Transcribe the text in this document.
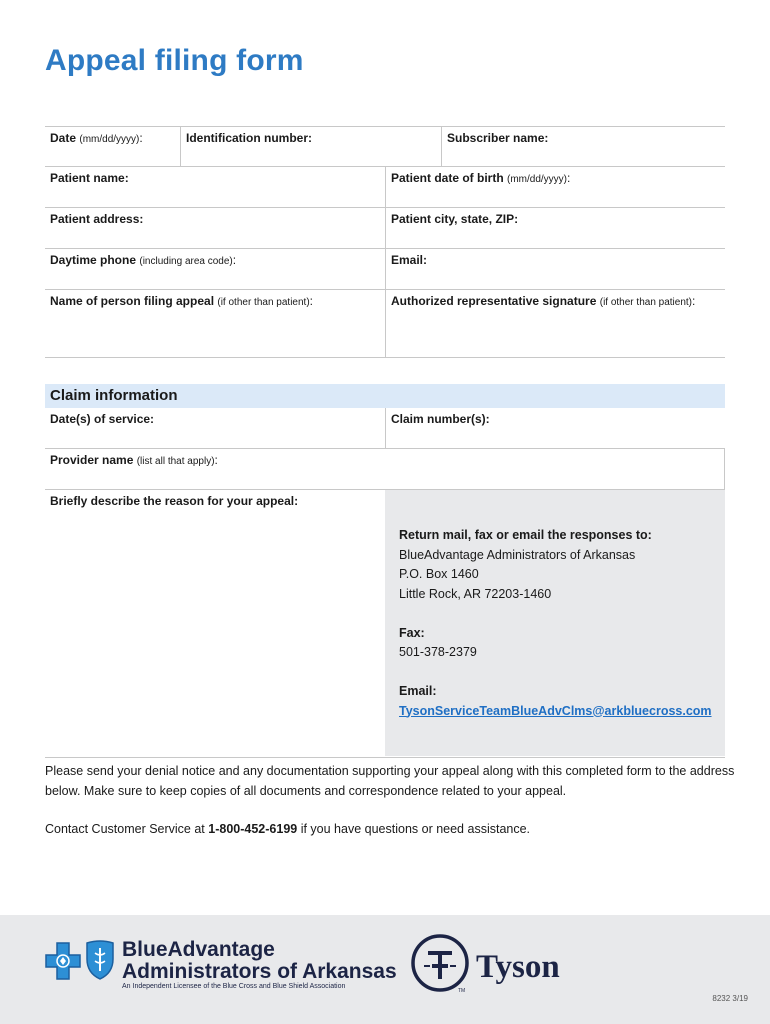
Appeal filing form
Date (mm/dd/yyyy):	Identification number:	Subscriber name:
Patient name:	Patient date of birth (mm/dd/yyyy):
Patient address:	Patient city, state, ZIP:
Daytime phone (including area code):	Email:
Name of person filing appeal (if other than patient):	Authorized representative signature (if other than patient):
Claim information
Date(s) of service:	Claim number(s):
Provider name (list all that apply):
Briefly describe the reason for your appeal:
Return mail, fax or email the responses to:
BlueAdvantage Administrators of Arkansas
P.O. Box 1460
Little Rock, AR 72203-1460
Fax:
501-378-2379
Email:
TysonServiceTeamBlueAdvClms@arkbluecross.com
Please send your denial notice and any documentation supporting your appeal along with this completed form to the address below. Make sure to keep copies of all documents and correspondence related to your appeal.
Contact Customer Service at 1-800-452-6199 if you have questions or need assistance.
BlueAdvantage
Administrators of Arkansas
An Independent Licensee of the Blue Cross and Blue Shield Association
Tyson
TM
8232 3/19
